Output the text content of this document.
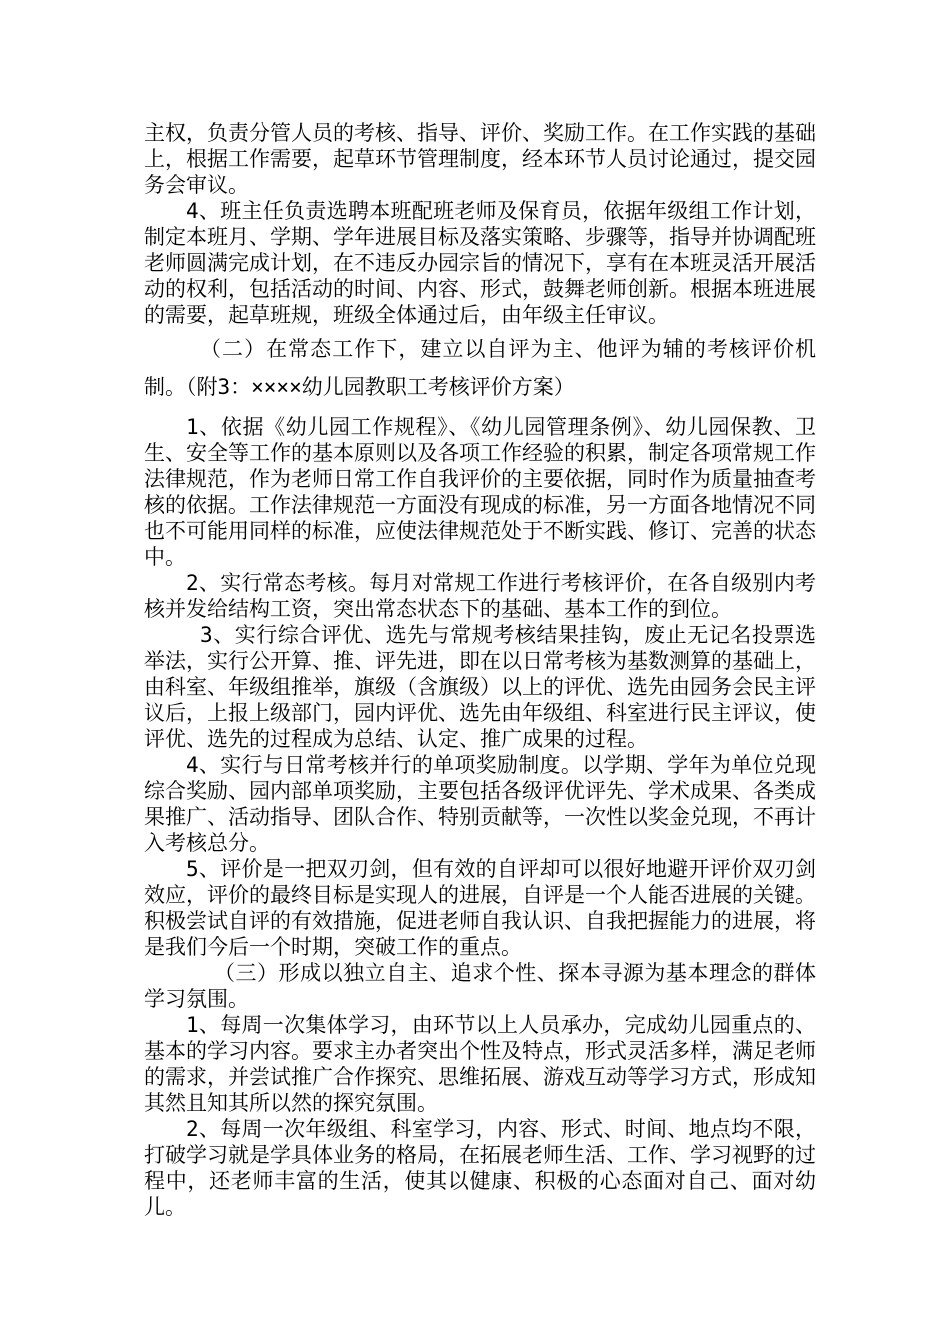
主权，负责分管人员的考核、指导、评价、奖励工作。在工作实践的基础上，根据工作需要，起草环节管理制度，经本环节人员讨论通过，提交园务会审议。

4、班主任负责选聘本班配班老师及保育员，依据年级组工作计划，制定本班月、学期、学年进展目标及落实策略、步骤等，指导并协调配班老师圆满完成计划，在不违反办园宗旨的情况下，享有在本班灵活开展活动的权利，包括活动的时间、内容、形式，鼓舞老师创新。根据本班进展的需要，起草班规，班级全体通过后，由年级主任审议。

（二）在常态工作下，建立以自评为主、他评为辅的考核评价机制。（附3：××××幼儿园教职工考核评价方案）

1、依据《幼儿园工作规程》、《幼儿园管理条例》、幼儿园保教、卫生、安全等工作的基本原则以及各项工作经验的积累，制定各项常规工作法律规范，作为老师日常工作自我评价的主要依据，同时作为质量抽查考核的依据。工作法律规范一方面没有现成的标准，另一方面各地情况不同也不可能用同样的标准，应使法律规范处于不断实践、修订、完善的状态中。

2、实行常态考核。每月对常规工作进行考核评价，在各自级别内考核并发给结构工资，突出常态状态下的基础、基本工作的到位。

3、实行综合评优、选先与常规考核结果挂钩，废止无记名投票选举法，实行公开算、推、评先进，即在以日常考核为基数测算的基础上，由科室、年级组推举，旗级（含旗级）以上的评优、选先由园务会民主评议后，上报上级部门，园内评优、选先由年级组、科室进行民主评议，使评优、选先的过程成为总结、认定、推广成果的过程。

4、实行与日常考核并行的单项奖励制度。以学期、学年为单位兑现综合奖励、园内部单项奖励，主要包括各级评优评先、学术成果、各类成果推广、活动指导、团队合作、特别贡献等，一次性以奖金兑现，不再计入考核总分。

5、评价是一把双刃剑，但有效的自评却可以很好地避开评价双刃剑效应，评价的最终目标是实现人的进展，自评是一个人能否进展的关键。积极尝试自评的有效措施，促进老师自我认识、自我把握能力的进展，将是我们今后一个时期，突破工作的重点。

（三）形成以独立自主、追求个性、探本寻源为基本理念的群体学习氛围。

1、每周一次集体学习，由环节以上人员承办，完成幼儿园重点的、基本的学习内容。要求主办者突出个性及特点，形式灵活多样，满足老师的需求，并尝试推广合作探究、思维拓展、游戏互动等学习方式，形成知其然且知其所以然的探究氛围。

2、每周一次年级组、科室学习，内容、形式、时间、地点均不限，打破学习就是学具体业务的格局，在拓展老师生活、工作、学习视野的过程中，还老师丰富的生活，使其以健康、积极的心态面对自己、面对幼儿。
